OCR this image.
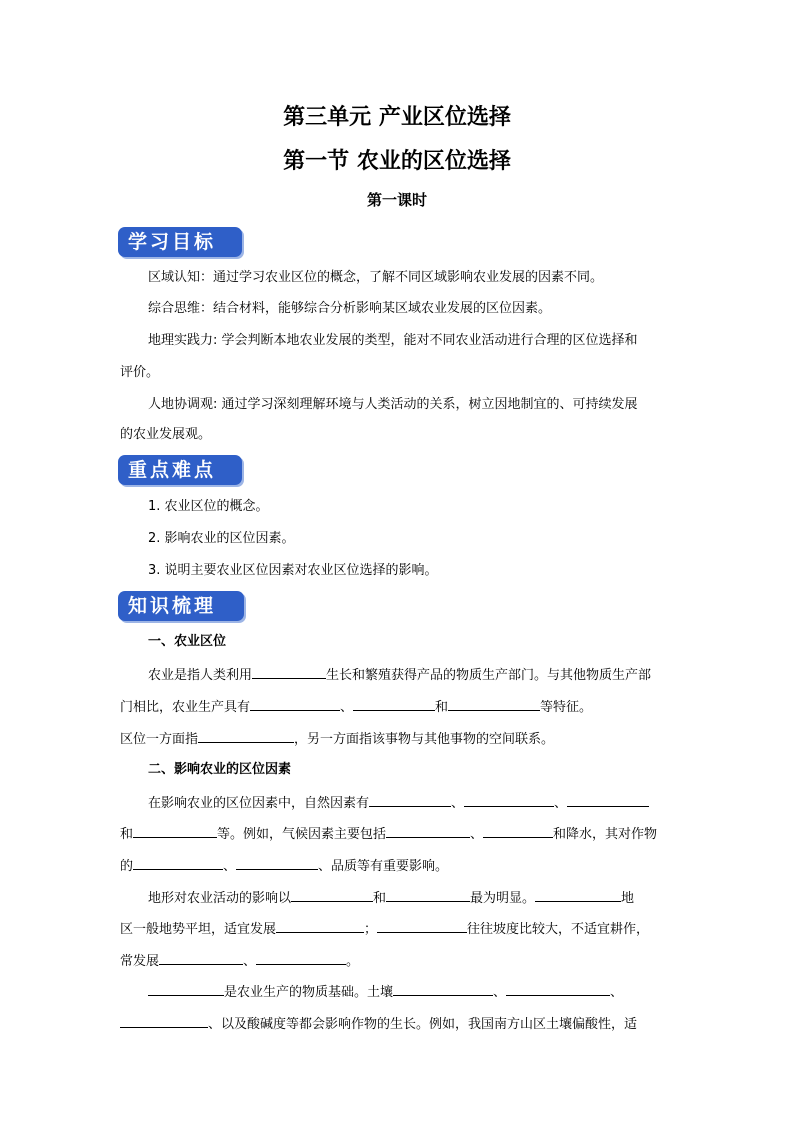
第三单元 产业区位选择
第一节 农业的区位选择
第一课时
学习目标
区域认知：通过学习农业区位的概念，了解不同区域影响农业发展的因素不同。
综合思维：结合材料，能够综合分析影响某区域农业发展的区位因素。
地理实践力: 学会判断本地农业发展的类型，能对不同农业活动进行合理的区位选择和
评价。
人地协调观: 通过学习深刻理解环境与人类活动的关系，树立因地制宜的、可持续发展
的农业发展观。
重点难点
1. 农业区位的概念。
2. 影响农业的区位因素。
3. 说明主要农业区位因素对农业区位选择的影响。
知识梳理
一、农业区位
农业是指人类利用	生长和繁殖获得产品的物质生产部门。与其他物质生产部
门相比，农业生产具有	、	和	等特征。
区位一方面指	，另一方面指该事物与其他事物的空间联系。
二、影响农业的区位因素
在影响农业的区位因素中，自然因素有	、	、
和	等。例如，气候因素主要包括	、	和降水，其对作物
的	、	、品质等有重要影响。
地形对农业活动的影响以	和	最为明显。	地
区一般地势平坦，适宜发展	；	往往坡度比较大，不适宜耕作，
常发展	、	。
是农业生产的物质基础。土壤	、	、
、以及酸碱度等都会影响作物的生长。例如，我国南方山区土壤偏酸性，适
